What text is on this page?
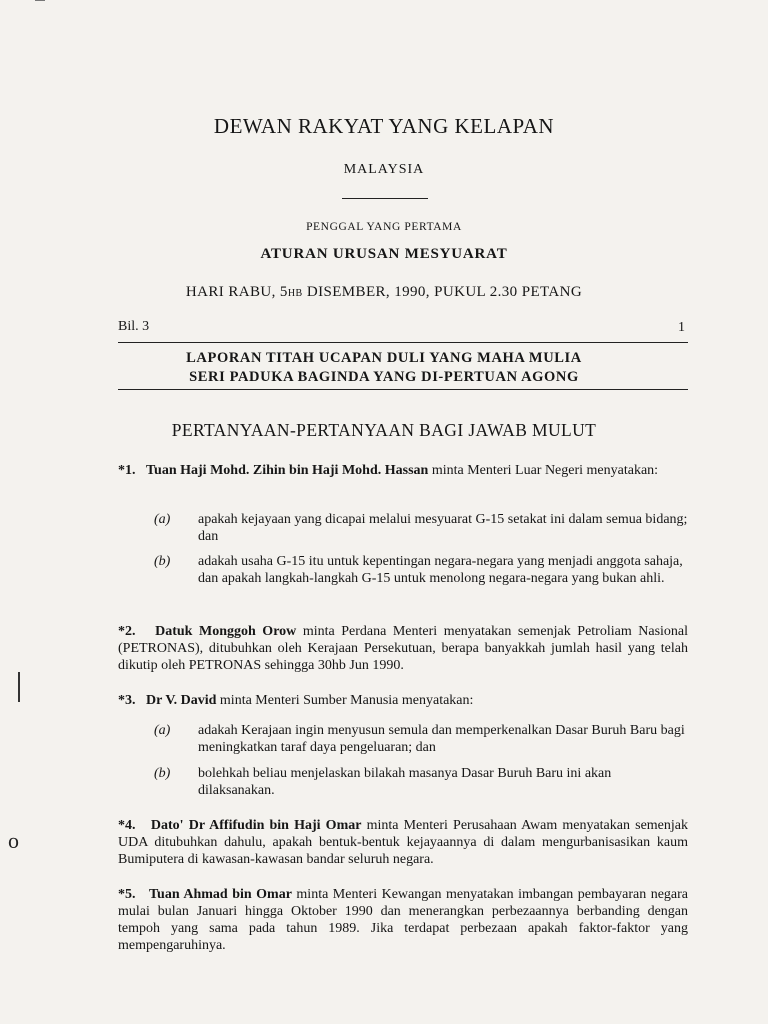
o
DEWAN RAKYAT YANG KELAPAN
MALAYSIA
PENGGAL YANG PERTAMA
ATURAN URUSAN MESYUARAT
HARI RABU, 5HB DISEMBER, 1990, PUKUL 2.30 PETANG
Bil. 3	1
LAPORAN TITAH UCAPAN DULI YANG MAHA MULIA
SERI PADUKA BAGINDA YANG DI-PERTUAN AGONG
PERTANYAAN-PERTANYAAN BAGI JAWAB MULUT
*1. Tuan Haji Mohd. Zihin bin Haji Mohd. Hassan minta Menteri Luar Negeri menyatakan:
(a) apakah kejayaan yang dicapai melalui mesyuarat G-15 setakat ini dalam semua bidang; dan
(b) adakah usaha G-15 itu untuk kepentingan negara-negara yang menjadi anggota sahaja, dan apakah langkah-langkah G-15 untuk menolong negara-negara yang bukan ahli.
*2. Datuk Monggoh Orow minta Perdana Menteri menyatakan semenjak Petroliam Nasional (PETRONAS), ditubuhkan oleh Kerajaan Persekutuan, berapa banyakkah jumlah hasil yang telah dikutip oleh PETRONAS sehingga 30hb Jun 1990.
*3. Dr V. David minta Menteri Sumber Manusia menyatakan:
(a) adakah Kerajaan ingin menyusun semula dan memperkenalkan Dasar Buruh Baru bagi meningkatkan taraf daya pengeluaran; dan
(b) bolehkah beliau menjelaskan bilakah masanya Dasar Buruh Baru ini akan dilaksanakan.
*4. Dato' Dr Affifudin bin Haji Omar minta Menteri Perusahaan Awam menyatakan semenjak UDA ditubuhkan dahulu, apakah bentuk-bentuk kejayaannya di dalam mengurbanisasikan kaum Bumiputera di kawasan-kawasan bandar seluruh negara.
*5. Tuan Ahmad bin Omar minta Menteri Kewangan menyatakan imbangan pembayaran negara mulai bulan Januari hingga Oktober 1990 dan menerangkan perbezaannya berbanding dengan tempoh yang sama pada tahun 1989. Jika terdapat perbezaan apakah faktor-faktor yang mempengaruhinya.
